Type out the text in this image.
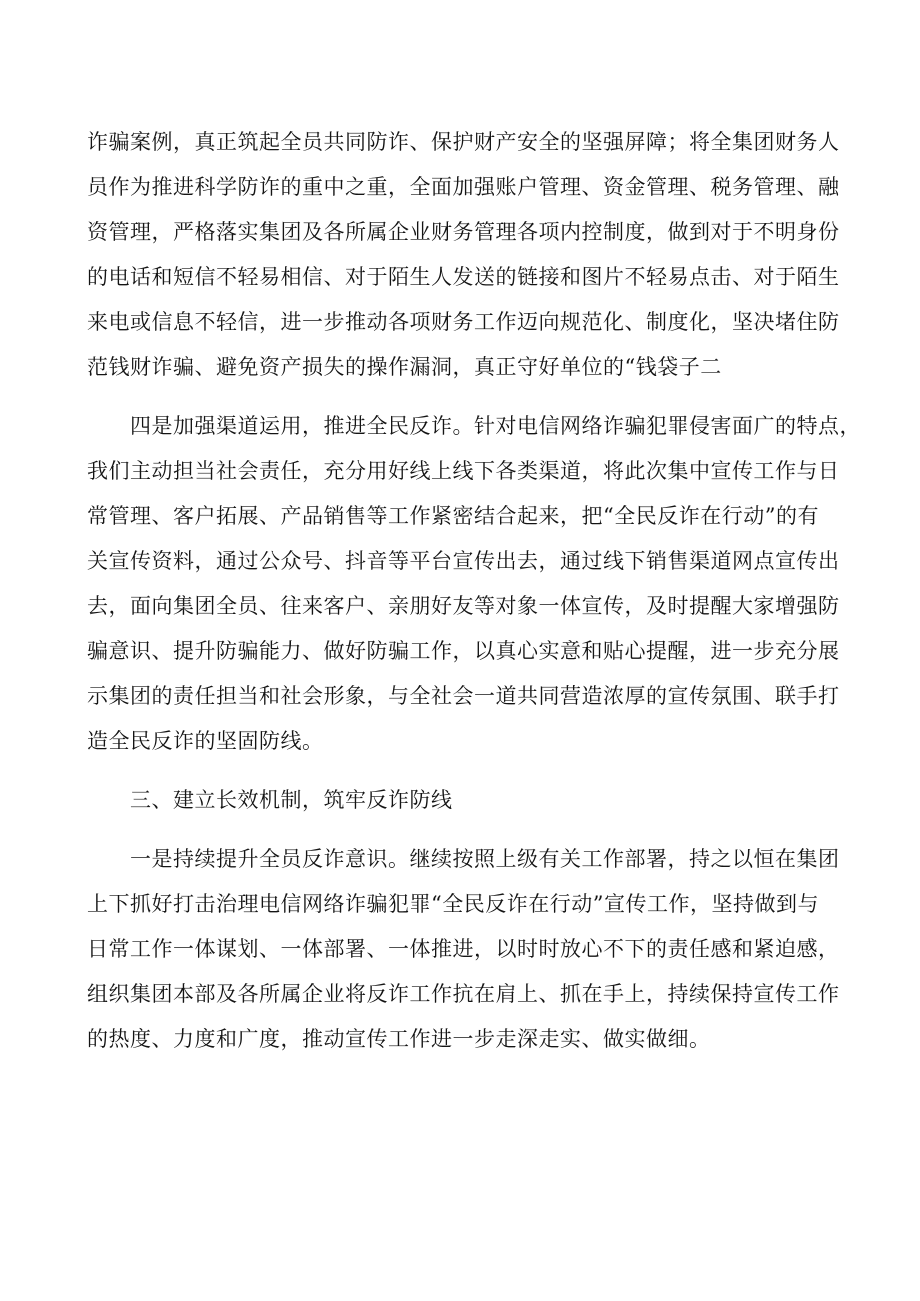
诈骗案例，真正筑起全员共同防诈、保护财产安全的坚强屏障；将全集团财务人
员作为推进科学防诈的重中之重，全面加强账户管理、资金管理、税务管理、融
资管理，严格落实集团及各所属企业财务管理各项内控制度，做到对于不明身份
的电话和短信不轻易相信、对于陌生人发送的链接和图片不轻易点击、对于陌生
来电或信息不轻信，进一步推动各项财务工作迈向规范化、制度化，坚决堵住防
范钱财诈骗、避免资产损失的操作漏洞，真正守好单位的“钱袋子二
　　四是加强渠道运用，推进全民反诈。针对电信网络诈骗犯罪侵害面广的特点，
我们主动担当社会责任，充分用好线上线下各类渠道，将此次集中宣传工作与日
常管理、客户拓展、产品销售等工作紧密结合起来，把“全民反诈在行动”的有
关宣传资料，通过公众号、抖音等平台宣传出去，通过线下销售渠道网点宣传出
去，面向集团全员、往来客户、亲朋好友等对象一体宣传，及时提醒大家增强防
骗意识、提升防骗能力、做好防骗工作，以真心实意和贴心提醒，进一步充分展
示集团的责任担当和社会形象，与全社会一道共同营造浓厚的宣传氛围、联手打
造全民反诈的坚固防线。
　　三、建立长效机制，筑牢反诈防线
　　一是持续提升全员反诈意识。继续按照上级有关工作部署，持之以恒在集团
上下抓好打击治理电信网络诈骗犯罪“全民反诈在行动”宣传工作，坚持做到与
日常工作一体谋划、一体部署、一体推进，以时时放心不下的责任感和紧迫感，
组织集团本部及各所属企业将反诈工作抗在肩上、抓在手上，持续保持宣传工作
的热度、力度和广度，推动宣传工作进一步走深走实、做实做细。
